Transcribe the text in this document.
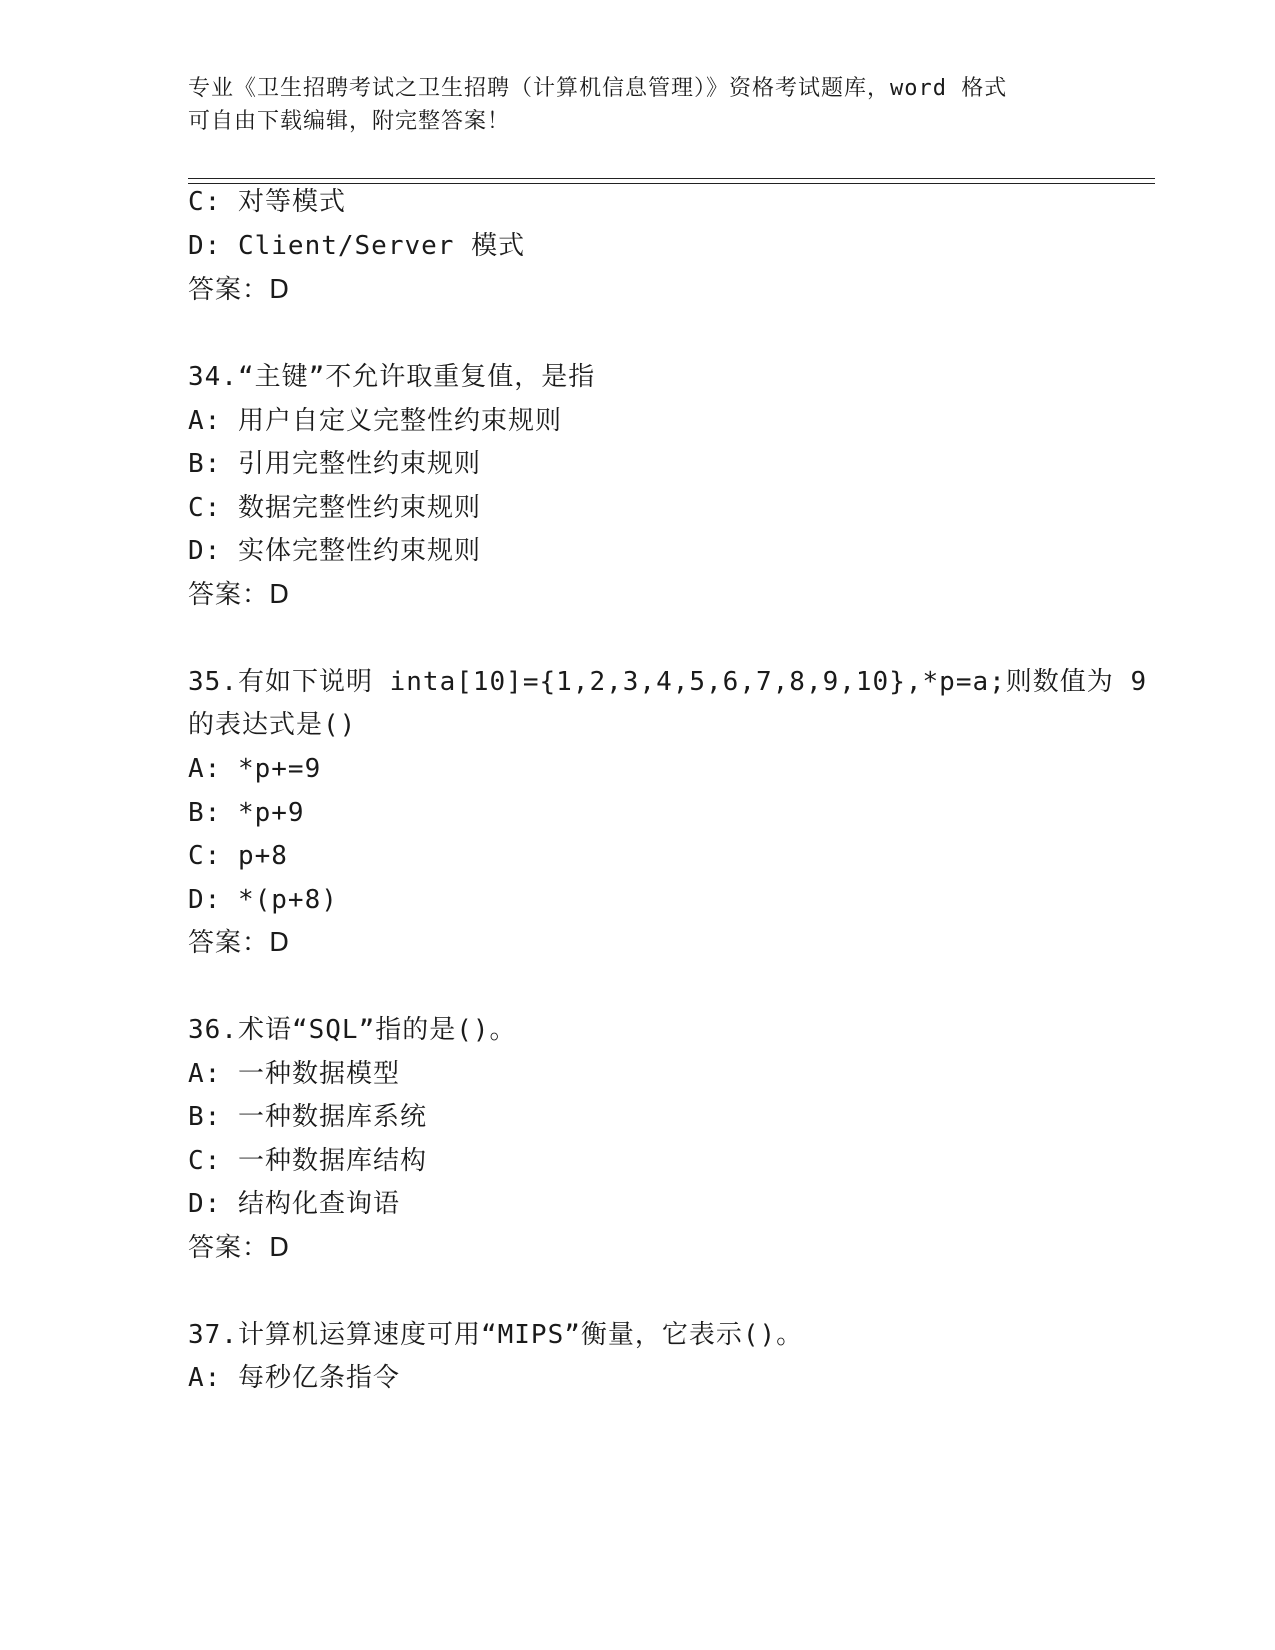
专业《卫生招聘考试之卫生招聘（计算机信息管理）》资格考试题库，word 格式
可自由下载编辑，附完整答案！
C: 对等模式
D: Client/Server 模式
答案：D
34.“主键”不允许取重复值，是指
A: 用户自定义完整性约束规则
B: 引用完整性约束规则
C: 数据完整性约束规则
D: 实体完整性约束规则
答案：D
35.有如下说明 inta[10]={1,2,3,4,5,6,7,8,9,10},*p=a;则数值为 9
的表达式是()
A: *p+=9
B: *p+9
C: p+8
D: *(p+8)
答案：D
36.术语“SQL”指的是()。
A: 一种数据模型
B: 一种数据库系统
C: 一种数据库结构
D: 结构化查询语
答案：D
37.计算机运算速度可用“MIPS”衡量，它表示()。
A: 每秒亿条指令
